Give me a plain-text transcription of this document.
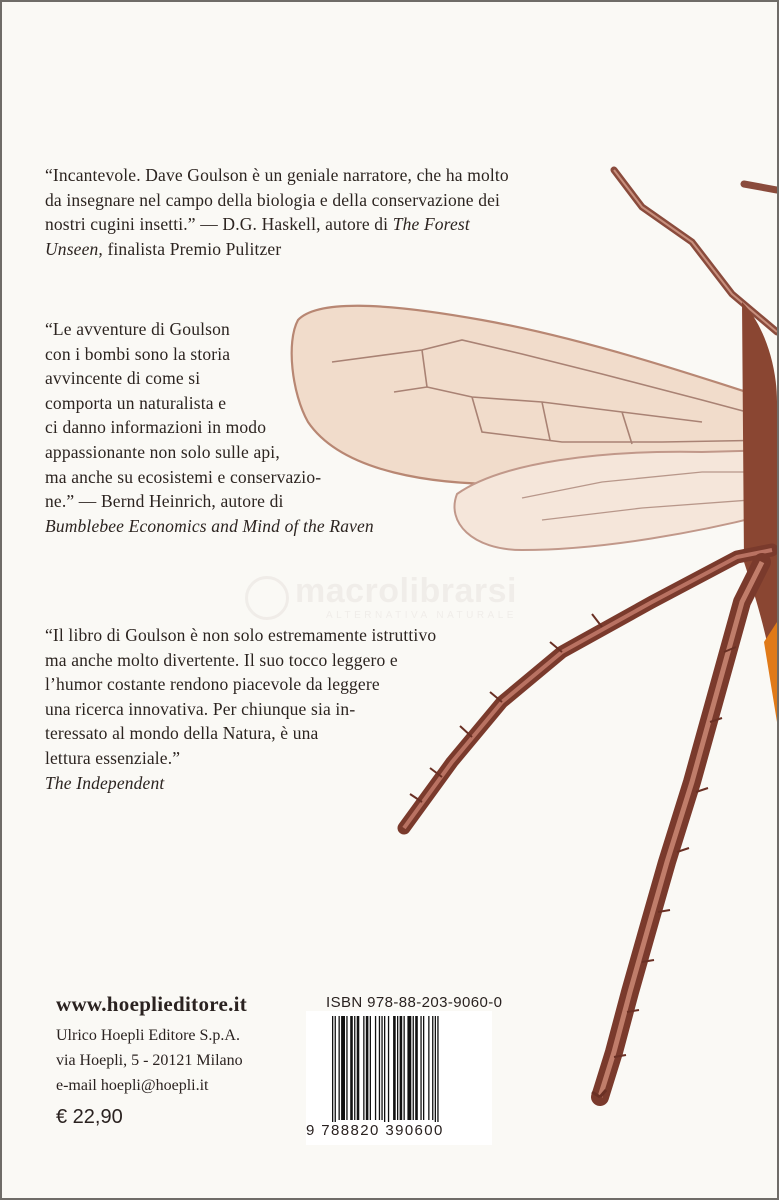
“Incantevole. Dave Goulson è un geniale narratore, che ha molto
da insegnare nel campo della biologia e della conservazione dei
nostri cugini insetti.” — D.G. Haskell, autore di The Forest
Unseen, finalista Premio Pulitzer

“Le avventure di Goulson
con i bombi sono la storia
avvincente di come si
comporta un naturalista e
ci danno informazioni in modo
appassionante non solo sulle api,
ma anche su ecosistemi e conservazio-
ne.” — Bernd Heinrich, autore di
Bumblebee Economics and Mind of the Raven

“Il libro di Goulson è non solo estremamente istruttivo
ma anche molto divertente. Il suo tocco leggero e
l’humor costante rendono piacevole da leggere
una ricerca innovativa. Per chiunque sia in-
teressato al mondo della Natura, è una
lettura essenziale.”
The Independent

macrolibrarsi
ALTERNATIVA NATURALE
www.hoeplieditore.it
Ulrico Hoepli Editore S.p.A.
via Hoepli, 5 - 20121 Milano
e-mail hoepli@hoepli.it
€ 22,90
ISBN 978-88-203-9060-0
9 788820 390600
